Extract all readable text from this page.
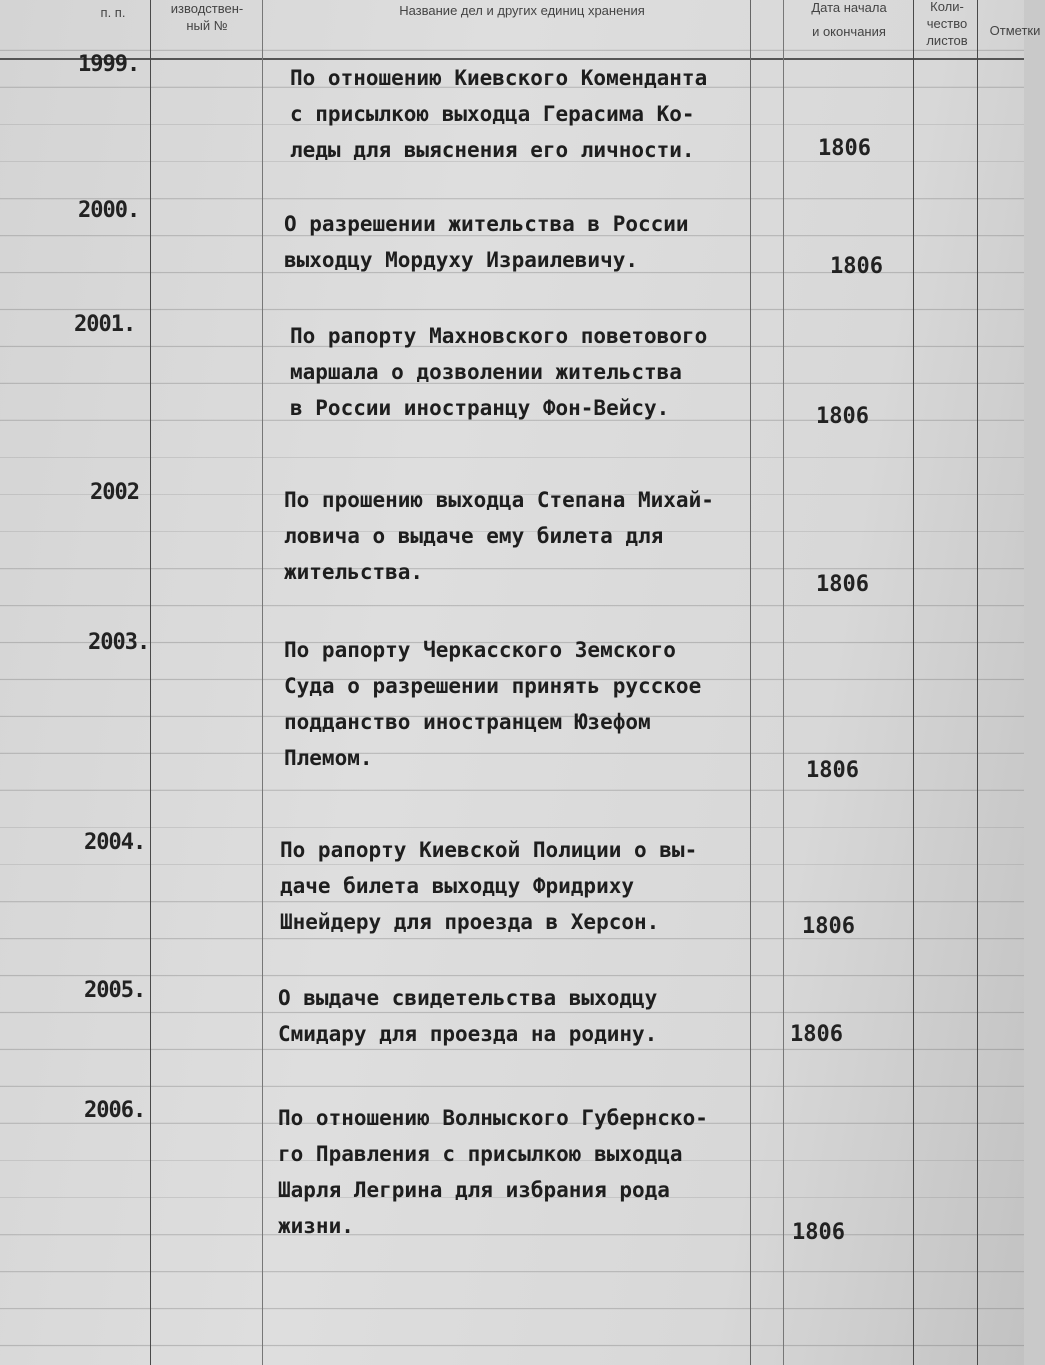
п. п.	изводствен-
ный №
Название дел и других единиц хранения	Дата начала
и окончания
Коли-
чество
листов
Отметки
1999.
По отношению Киевского Коменданта
с присылкою выходца Герасима Ко-
леды для выяснения его личности.	1806
2000.
О разрешении жительства в России
выходцу Мордуху Израилевичу.	1806
2001.	По рапорту Махновского поветового
маршала о дозволении жительства
в России иностранцу Фон-Вейсу.	1806
2002	По прошению выходца Степана Михай-
ловича о выдаче ему билета для
жительства.	1806
2003.	По рапорту Черкасского Земского
Суда о разрешении принять русское
подданство иностранцем Юзефом
Племом.	1806
2004.	По рапорту Киевской Полиции о вы-
даче билета выходцу Фридриху
Шнейдеру для проезда в Херсон.	1806
2005.	О выдаче свидетельства выходцу
Смидару для проезда на родину.	1806
2006.	По отношению Волныского Губернско-
го Правления с присылкою выходца
Шарля Легрина для избрания рода
жизни.	1806
